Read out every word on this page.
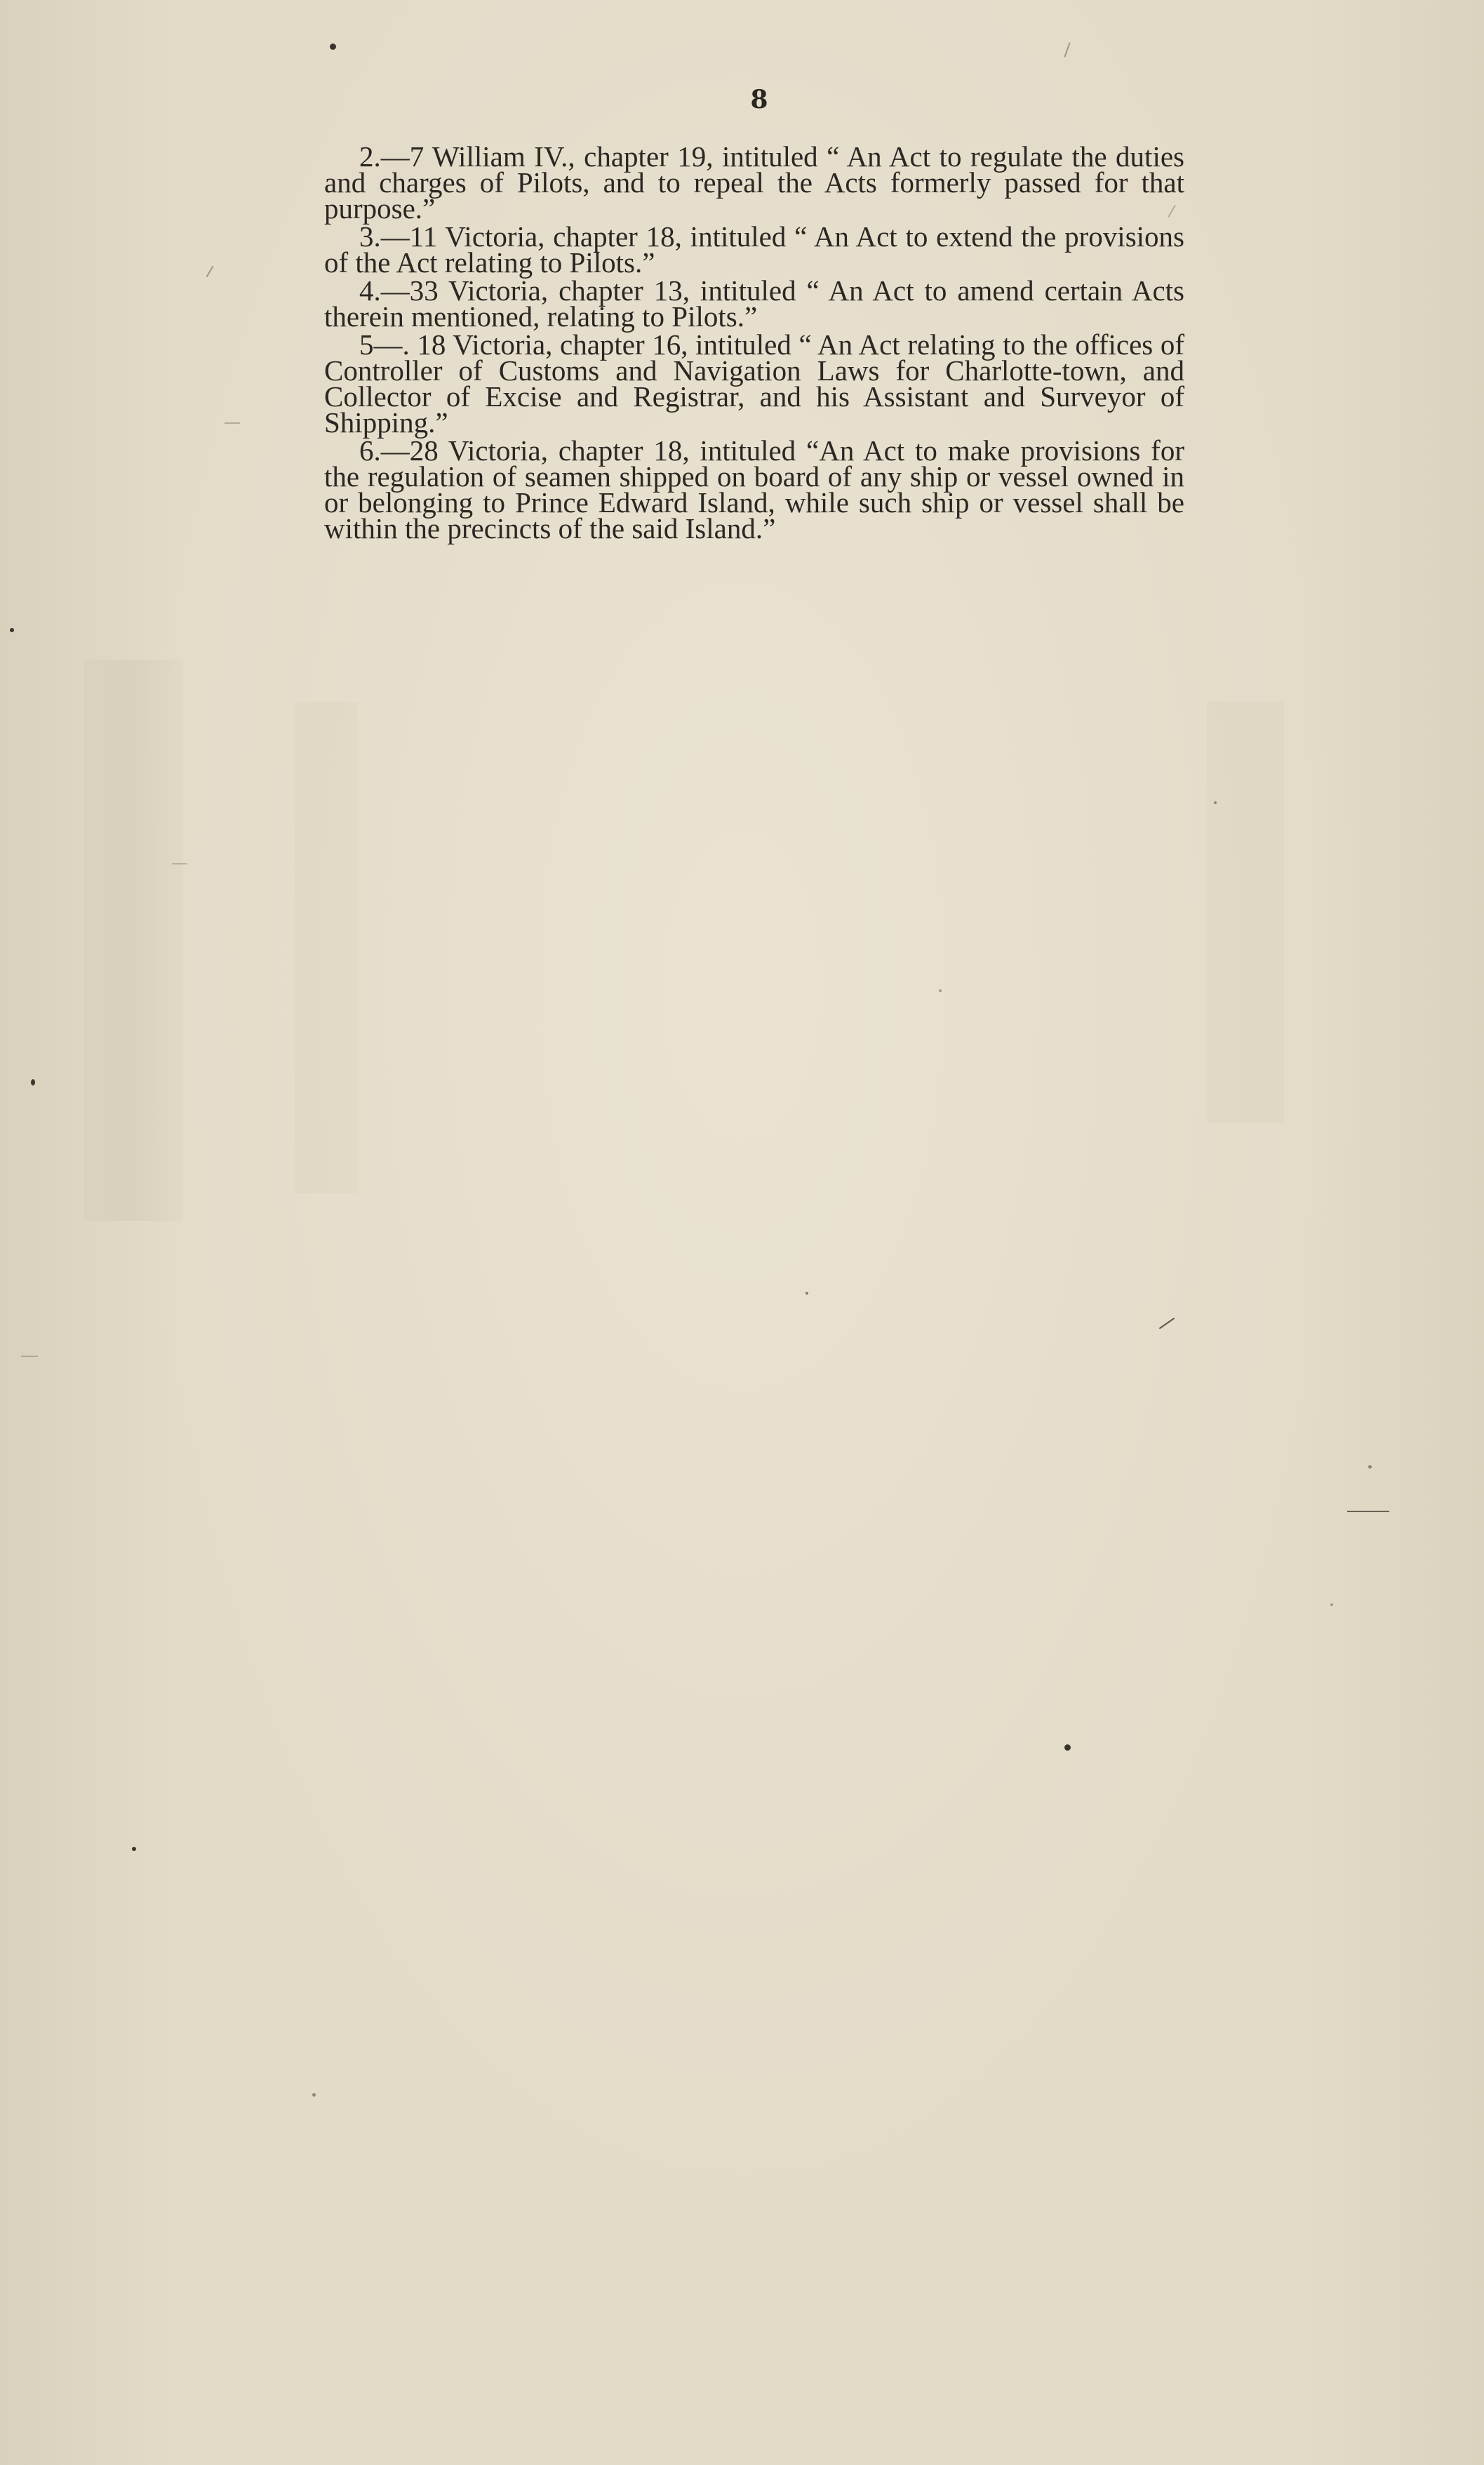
8

2.—7 William IV., chapter 19, intituled “ An Act to regulate the duties and charges of Pilots, and to repeal the Acts formerly passed for that purpose.”

3.—11 Victoria, chapter 18, intituled “ An Act to extend the provisions of the Act relating to Pilots.”

4.—33 Victoria, chapter 13, intituled “ An Act to amend certain Acts therein mentioned, relating to Pilots.”

5—. 18 Victoria, chapter 16, intituled “ An Act relating to the offices of Controller of Customs and Navigation Laws for Charlotte-town, and Collector of Excise and Registrar, and his Assistant and Surveyor of Shipping.”

6.—28 Victoria, chapter 18, intituled “An Act to make provisions for the regulation of seamen shipped on board of any ship or vessel owned in or belonging to Prince Edward Island, while such ship or vessel shall be within the precincts of the said Island.”
